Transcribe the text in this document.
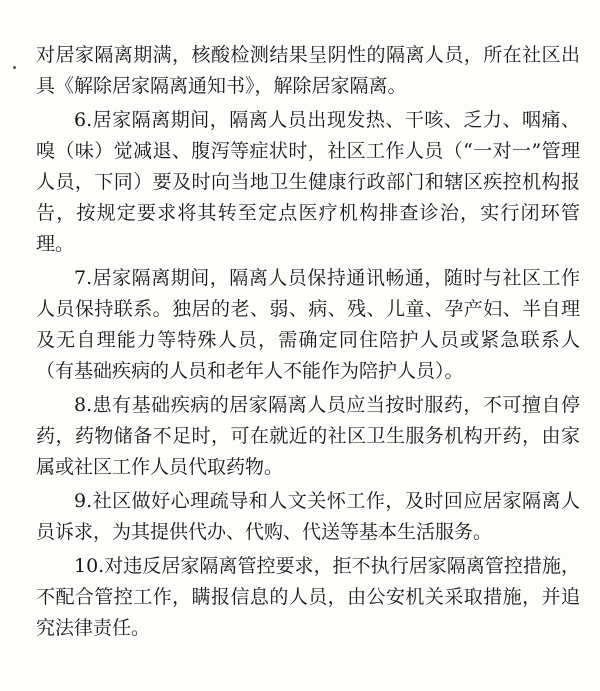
对居家隔离期满，核酸检测结果呈阴性的隔离人员，所在社区出具《解除居家隔离通知书》，解除居家隔离。

6.居家隔离期间，隔离人员出现发热、干咳、乏力、咽痛、嗅（味）觉减退、腹泻等症状时，社区工作人员（“一对一”管理人员，下同）要及时向当地卫生健康行政部门和辖区疾控机构报告，按规定要求将其转至定点医疗机构排查诊治，实行闭环管理。

7.居家隔离期间，隔离人员保持通讯畅通，随时与社区工作人员保持联系。独居的老、弱、病、残、儿童、孕产妇、半自理及无自理能力等特殊人员，需确定同住陪护人员或紧急联系人（有基础疾病的人员和老年人不能作为陪护人员）。

8.患有基础疾病的居家隔离人员应当按时服药，不可擅自停药，药物储备不足时，可在就近的社区卫生服务机构开药，由家属或社区工作人员代取药物。

9.社区做好心理疏导和人文关怀工作，及时回应居家隔离人员诉求，为其提供代办、代购、代送等基本生活服务。

10.对违反居家隔离管控要求，拒不执行居家隔离管控措施，不配合管控工作，瞒报信息的人员，由公安机关采取措施，并追究法律责任。
